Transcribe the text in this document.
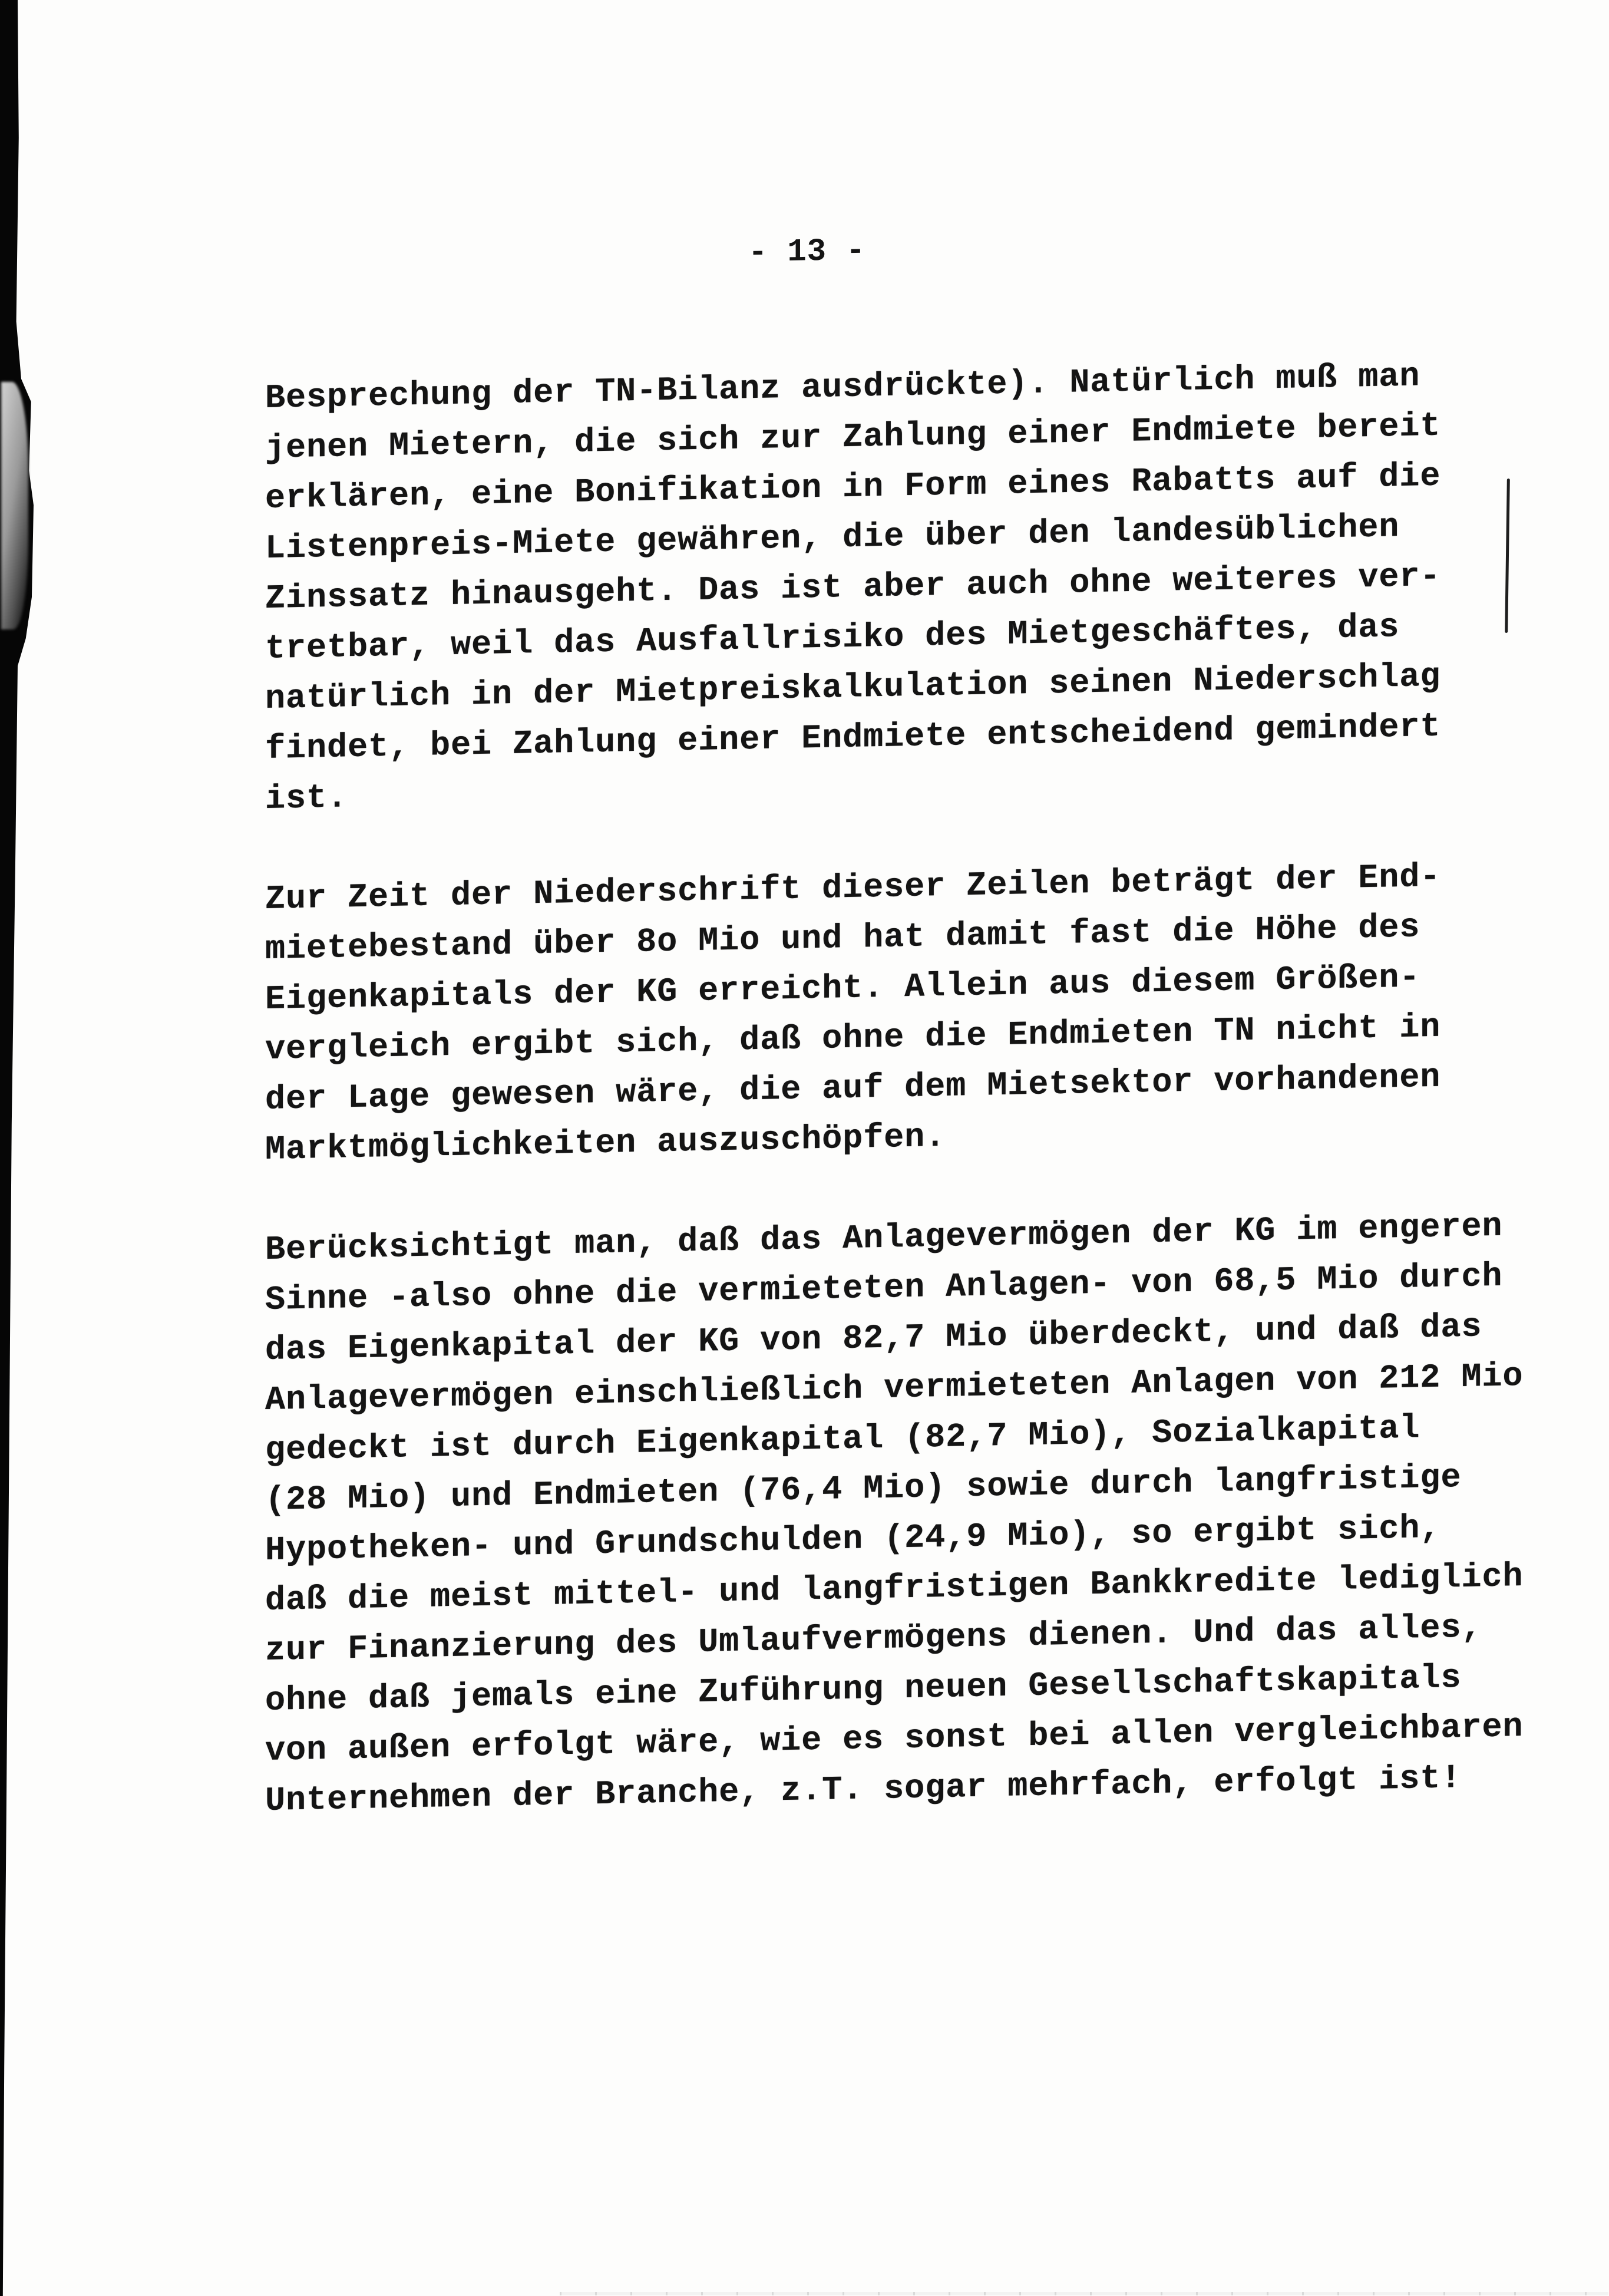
- 13 -
Besprechung der TN-Bilanz ausdrückte). Natürlich muß man
jenen Mietern, die sich zur Zahlung einer Endmiete bereit
erklären, eine Bonifikation in Form eines Rabatts auf die
Listenpreis-Miete gewähren, die über den landesüblichen
Zinssatz hinausgeht. Das ist aber auch ohne weiteres ver-
tretbar, weil das Ausfallrisiko des Mietgeschäftes, das
natürlich in der Mietpreiskalkulation seinen Niederschlag
findet, bei Zahlung einer Endmiete entscheidend gemindert
ist.
Zur Zeit der Niederschrift dieser Zeilen beträgt der End-
mietebestand über 8o Mio und hat damit fast die Höhe des
Eigenkapitals der KG erreicht. Allein aus diesem Größen-
vergleich ergibt sich, daß ohne die Endmieten TN nicht in
der Lage gewesen wäre, die auf dem Mietsektor vorhandenen
Marktmöglichkeiten auszuschöpfen.
Berücksichtigt man, daß das Anlagevermögen der KG im engeren
Sinne -also ohne die vermieteten Anlagen- von 68,5 Mio durch
das Eigenkapital der KG von 82,7 Mio überdeckt, und daß das
Anlagevermögen einschließlich vermieteten Anlagen von 212 Mio
gedeckt ist durch Eigenkapital (82,7 Mio), Sozialkapital
(28 Mio) und Endmieten (76,4 Mio) sowie durch langfristige
Hypotheken- und Grundschulden (24,9 Mio), so ergibt sich,
daß die meist mittel- und langfristigen Bankkredite lediglich
zur Finanzierung des Umlaufvermögens dienen. Und das alles,
ohne daß jemals eine Zuführung neuen Gesellschaftskapitals
von außen erfolgt wäre, wie es sonst bei allen vergleichbaren
Unternehmen der Branche, z.T. sogar mehrfach, erfolgt ist!
